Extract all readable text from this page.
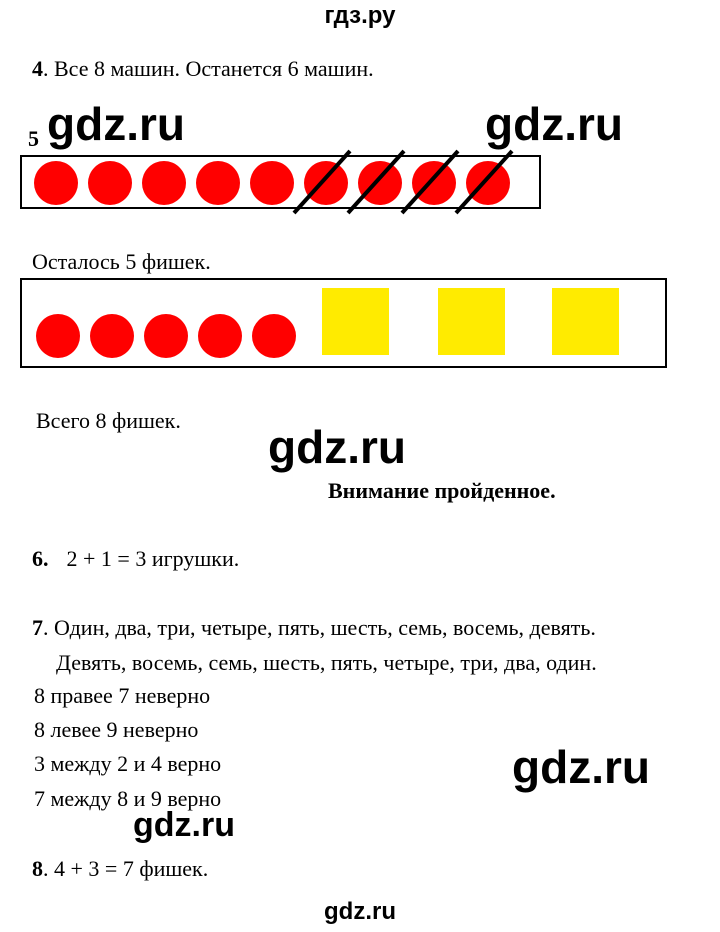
гдз.ру
gdz.ru	gdz.ru
gdz.ru
gdz.ru
gdz.ru
gdz.ru
4. Все 8 машин. Останется 6 машин.
5
Осталось 5 фишек.
Всего 8 фишек.
Внимание пройденное.
6. 2 + 1 = 3 игрушки.
7. Один, два, три, четыре, пять, шесть, семь, восемь, девять.
Девять, восемь, семь, шесть, пять, четыре, три, два, один.
8 правее 7 неверно
8 левее 9 неверно
3 между 2 и 4 верно
7 между 8 и 9 верно
8. 4 + 3 = 7 фишек.
